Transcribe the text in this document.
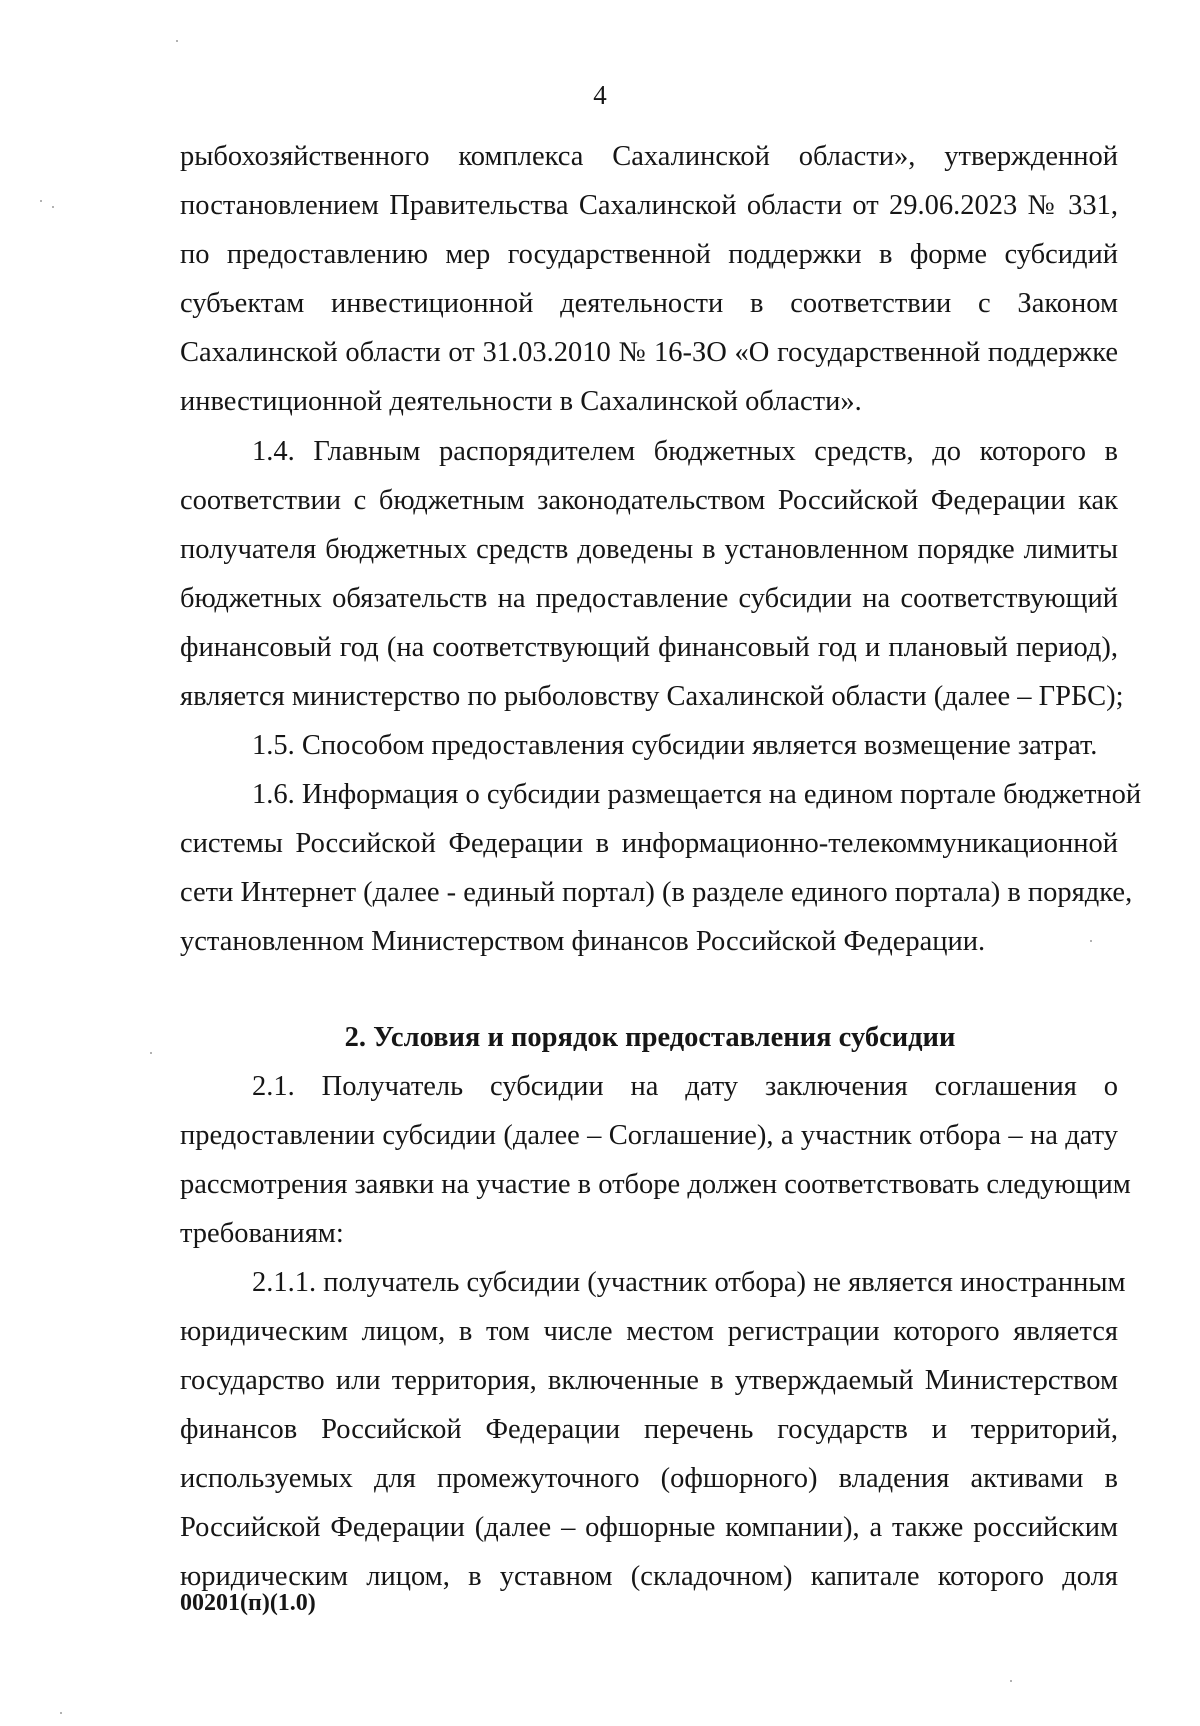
4
рыбохозяйственного комплекса Сахалинской области», утвержденной
постановлением Правительства Сахалинской области от 29.06.2023 № 331,
по предоставлению мер государственной поддержки в форме субсидий
субъектам инвестиционной деятельности в соответствии с Законом
Сахалинской области от 31.03.2010 № 16-ЗО «О государственной поддержке
инвестиционной деятельности в Сахалинской области».
1.4. Главным распорядителем бюджетных средств, до которого в
соответствии с бюджетным законодательством Российской Федерации как
получателя бюджетных средств доведены в установленном порядке лимиты
бюджетных обязательств на предоставление субсидии на соответствующий
финансовый год (на соответствующий финансовый год и плановый период),
является министерство по рыболовству Сахалинской области (далее – ГРБС);
1.5. Способом предоставления субсидии является возмещение затрат.
1.6. Информация о субсидии размещается на едином портале бюджетной
системы Российской Федерации в информационно-телекоммуникационной
сети Интернет (далее - единый портал) (в разделе единого портала) в порядке,
установленном Министерством финансов Российской Федерации.
2. Условия и порядок предоставления субсидии
2.1. Получатель субсидии на дату заключения соглашения о
предоставлении субсидии (далее – Соглашение), а участник отбора – на дату
рассмотрения заявки на участие в отборе должен соответствовать следующим
требованиям:
2.1.1. получатель субсидии (участник отбора) не является иностранным
юридическим лицом, в том числе местом регистрации которого является
государство или территория, включенные в утверждаемый Министерством
финансов Российской Федерации перечень государств и территорий,
используемых для промежуточного (офшорного) владения активами в
Российской Федерации (далее – офшорные компании), а также российским
юридическим лицом, в уставном (складочном) капитале которого доля
00201(п)(1.0)
